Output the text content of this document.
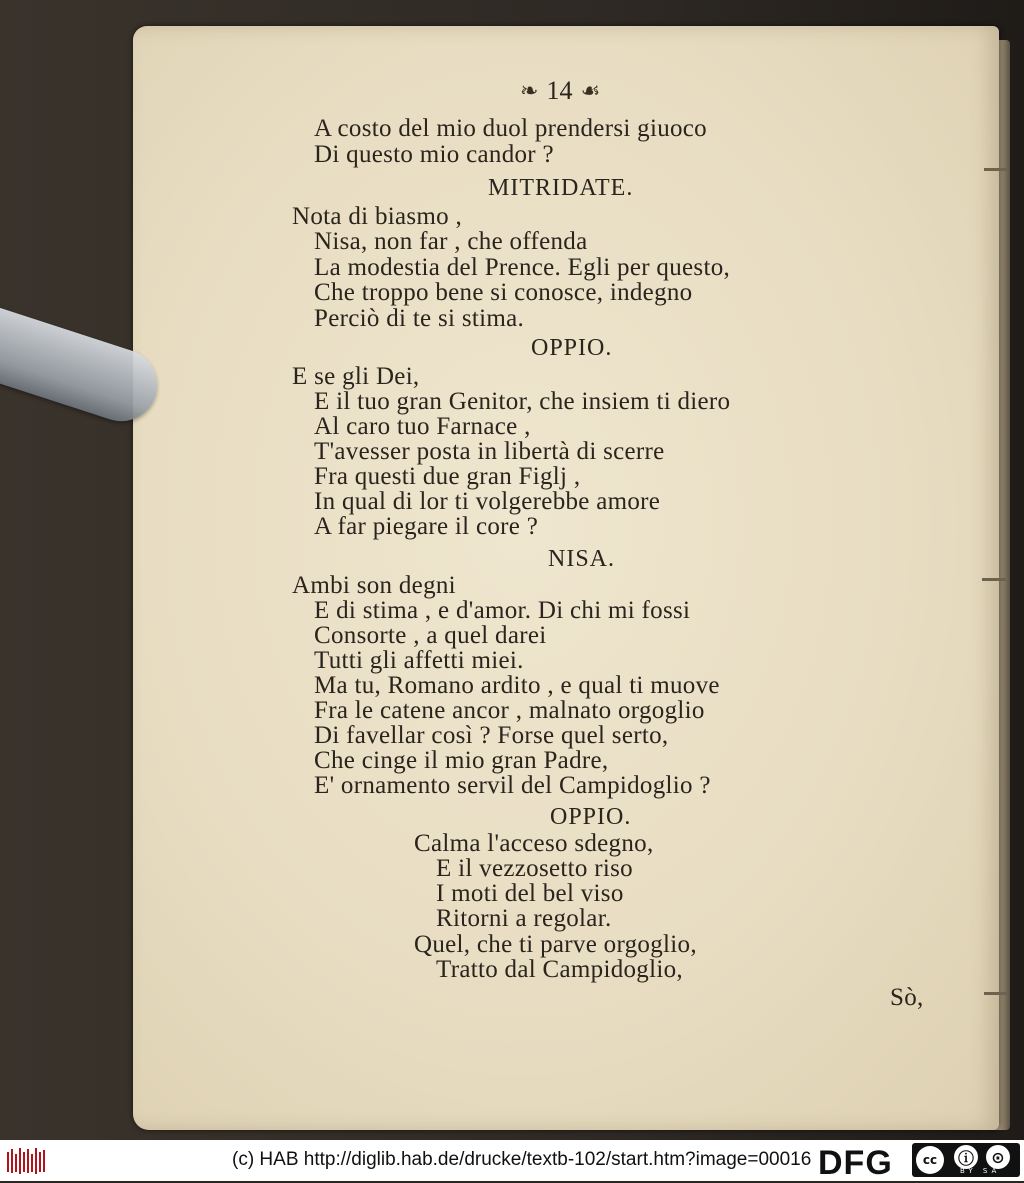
❧ 14 ☙
A costo del mio duol prendersi giuoco
Di questo mio candor ?
MITRIDATE.
Nota di biasmo ,
Nisa, non far , che offenda
La modestia del Prence. Egli per questo,
Che troppo bene si conosce, indegno
Perciò di te si stima.
OPPIO.
E se gli Dei,
E il tuo gran Genitor, che insiem ti diero
Al caro tuo Farnace ,
T'avesser posta in libertà di scerre
Fra questi due gran Figlj ,
In qual di lor ti volgerebbe amore
A far piegare il core ?
NISA.
Ambi son degni
E di stima , e d'amor. Di chi mi fossi
Consorte , a quel darei
Tutti gli affetti miei.
Ma tu, Romano ardito , e qual ti muove
Fra le catene ancor , malnato orgoglio
Di favellar così ? Forse quel serto,
Che cinge il mio gran Padre,
E' ornamento servil del Campidoglio ?
OPPIO.
Calma l'acceso sdegno,
E il vezzosetto riso
I moti del bel viso
Ritorni a regolar.
Quel, che ti parve orgoglio,
Tratto dal Campidoglio,
Sò,
(c) HAB http://diglib.hab.de/drucke/textb-102/start.htm?image=00016 DFG	cc	ⓘ	⊙
BY SA
